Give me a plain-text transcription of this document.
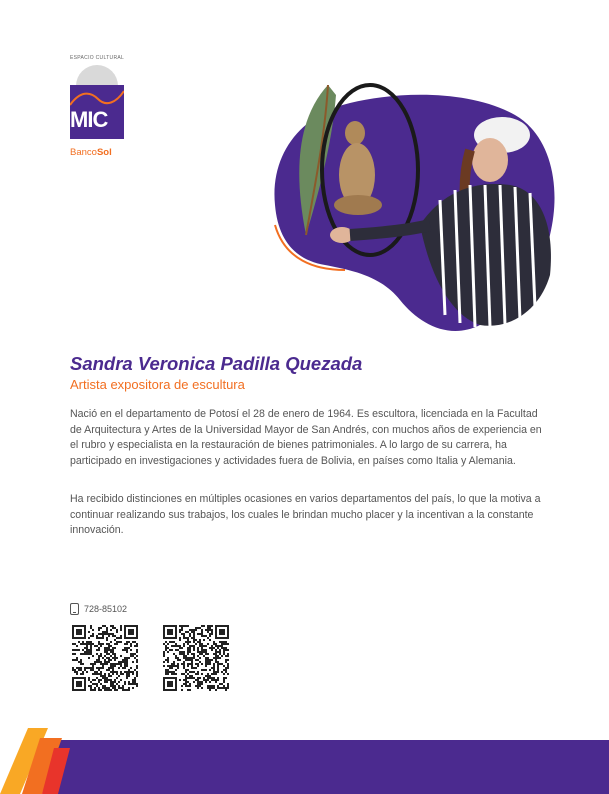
ESPACIO CULTURAL
MIC
BancoSol
Sandra Veronica Padilla Quezada
Artista expositora de escultura

Nació en el departamento de Potosí el 28 de enero de 1964. Es escultora, licenciada en la Facultad de Arquitectura y Artes de la Universidad Mayor de San Andrés, con muchos años de experiencia en el rubro y especialista en la restauración de bienes patrimoniales. A lo largo de su carrera, ha participado en investigaciones y actividades fuera de Bolivia, en países como Italia y Alemania.

Ha recibido distinciones en múltiples ocasiones en varios departamentos del país, lo que la motiva a continuar realizando sus trabajos, los cuales le brindan mucho placer y la incentivan a la constante innovación.

728-85102
